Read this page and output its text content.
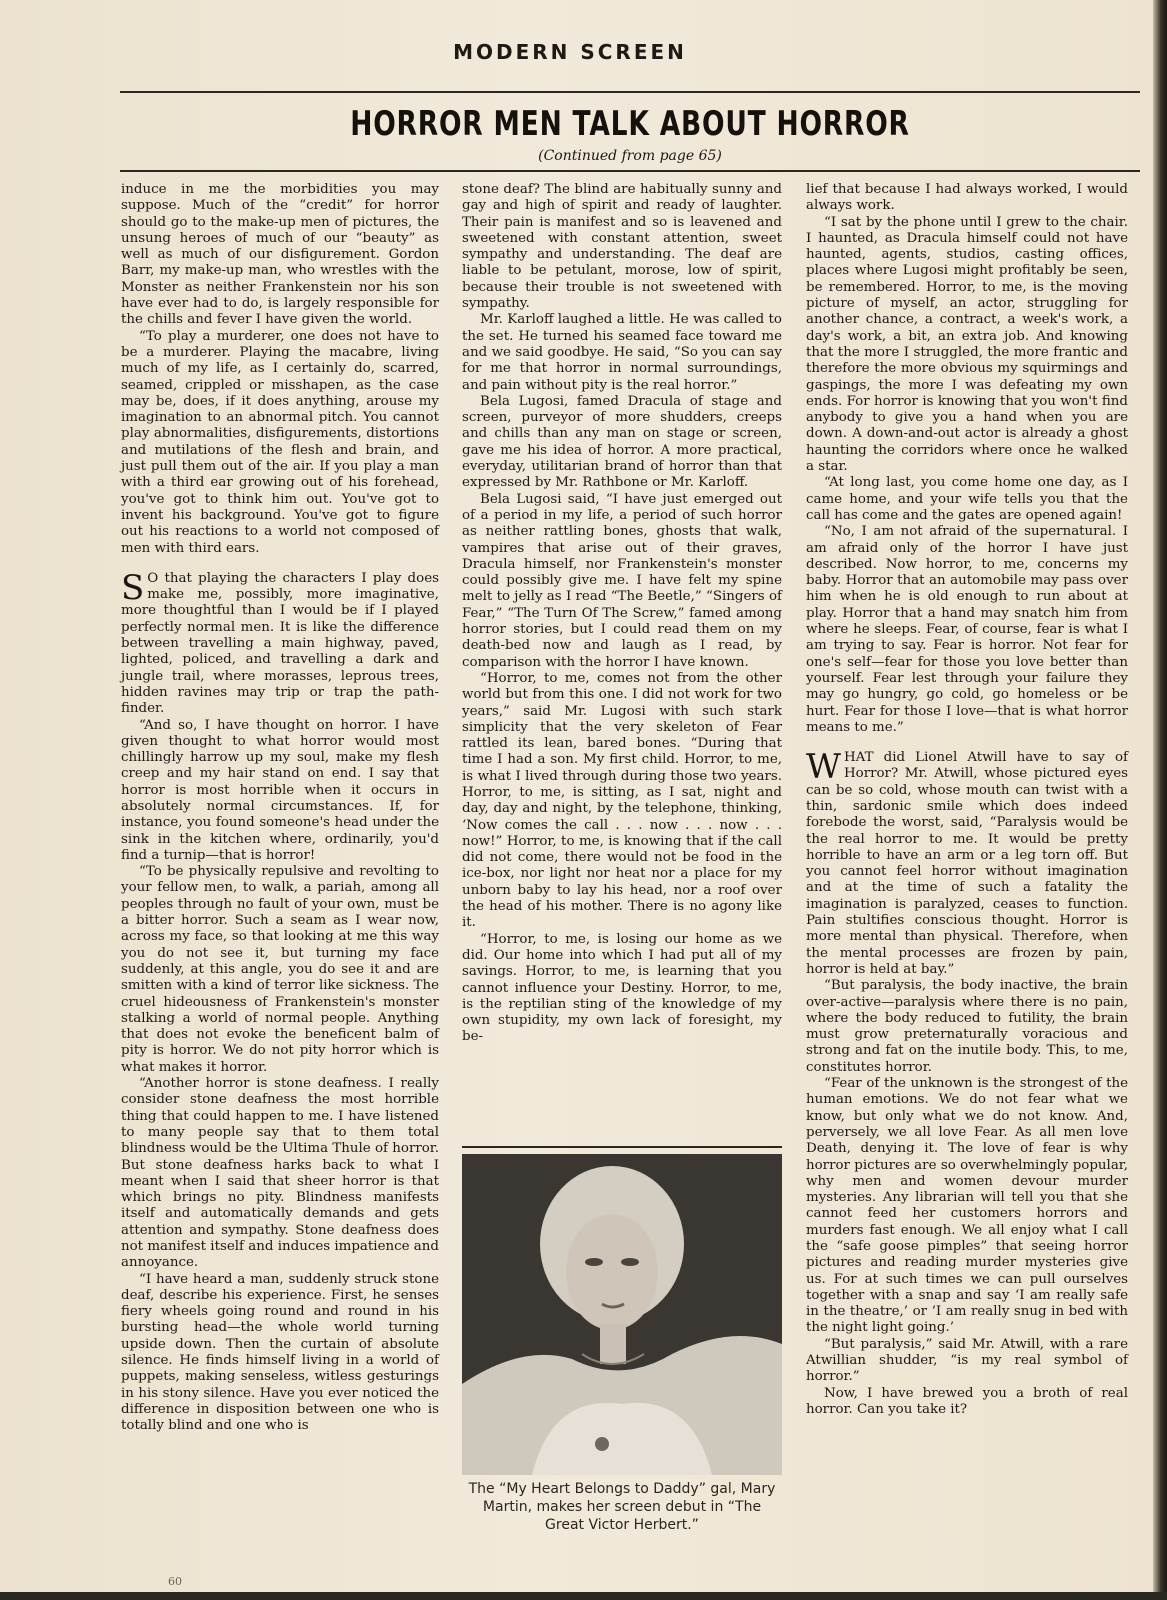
MODERN SCREEN
HORROR MEN TALK ABOUT HORROR
(Continued from page 65)

induce in me the morbidities you may suppose. Much of the “credit” for horror should go to the make-up men of pictures, the unsung heroes of much of our “beauty” as well as much of our disfigurement. Gordon Barr, my make-up man, who wrestles with the Monster as neither Frankenstein nor his son have ever had to do, is largely responsible for the chills and fever I have given the world.

“To play a murderer, one does not have to be a murderer. Playing the macabre, living much of my life, as I certainly do, scarred, seamed, crippled or misshapen, as the case may be, does, if it does anything, arouse my imagination to an abnormal pitch. You cannot play abnormalities, disfigurements, distortions and mutilations of the flesh and brain, and just pull them out of the air. If you play a man with a third ear growing out of his forehead, you've got to think him out. You've got to invent his background. You've got to figure out his reactions to a world not composed of men with third ears.

S O that playing the characters I play does make me, possibly, more imaginative, more thoughtful than I would be if I played perfectly normal men. It is like the difference between travelling a main highway, paved, lighted, policed, and travelling a dark and jungle trail, where morasses, leprous trees, hidden ravines may trip or trap the path-finder.

“And so, I have thought on horror. I have given thought to what horror would most chillingly harrow up my soul, make my flesh creep and my hair stand on end. I say that horror is most horrible when it occurs in absolutely normal circumstances. If, for instance, you found someone's head under the sink in the kitchen where, ordinarily, you'd find a turnip—that is horror!

“To be physically repulsive and revolting to your fellow men, to walk, a pariah, among all peoples through no fault of your own, must be a bitter horror. Such a seam as I wear now, across my face, so that looking at me this way you do not see it, but turning my face suddenly, at this angle, you do see it and are smitten with a kind of terror like sickness. The cruel hideousness of Frankenstein's monster stalking a world of normal people. Anything that does not evoke the beneficent balm of pity is horror. We do not pity horror which is what makes it horror.

“Another horror is stone deafness. I really consider stone deafness the most horrible thing that could happen to me. I have listened to many people say that to them total blindness would be the Ultima Thule of horror. But stone deafness harks back to what I meant when I said that sheer horror is that which brings no pity. Blindness manifests itself and automatically demands and gets attention and sympathy. Stone deafness does not manifest itself and induces impatience and annoyance.

“I have heard a man, suddenly struck stone deaf, describe his experience. First, he senses fiery wheels going round and round in his bursting head—the whole world turning upside down. Then the curtain of absolute silence. He finds himself living in a world of puppets, making senseless, witless gesturings in his stony silence. Have you ever noticed the difference in disposition between one who is totally blind and one who is

stone deaf? The blind are habitually sunny and gay and high of spirit and ready of laughter. Their pain is manifest and so is leavened and sweetened with constant attention, sweet sympathy and understanding. The deaf are liable to be petulant, morose, low of spirit, because their trouble is not sweetened with sympathy.

Mr. Karloff laughed a little. He was called to the set. He turned his seamed face toward me and we said goodbye. He said, “So you can say for me that horror in normal surroundings, and pain without pity is the real horror.”

Bela Lugosi, famed Dracula of stage and screen, purveyor of more shudders, creeps and chills than any man on stage or screen, gave me his idea of horror. A more practical, everyday, utilitarian brand of horror than that expressed by Mr. Rathbone or Mr. Karloff.

Bela Lugosi said, “I have just emerged out of a period in my life, a period of such horror as neither rattling bones, ghosts that walk, vampires that arise out of their graves, Dracula himself, nor Frankenstein's monster could possibly give me. I have felt my spine melt to jelly as I read “The Beetle,” “Singers of Fear,” “The Turn Of The Screw,” famed among horror stories, but I could read them on my death-bed now and laugh as I read, by comparison with the horror I have known.

“Horror, to me, comes not from the other world but from this one. I did not work for two years,” said Mr. Lugosi with such stark simplicity that the very skeleton of Fear rattled its lean, bared bones. “During that time I had a son. My first child. Horror, to me, is what I lived through during those two years. Horror, to me, is sitting, as I sat, night and day, day and night, by the telephone, thinking, ‘Now comes the call . . . now . . . now . . . now!” Horror, to me, is knowing that if the call did not come, there would not be food in the ice-box, nor light nor heat nor a place for my unborn baby to lay his head, nor a roof over the head of his mother. There is no agony like it.

“Horror, to me, is losing our home as we did. Our home into which I had put all of my savings. Horror, to me, is learning that you cannot influence your Destiny. Horror, to me, is the reptilian sting of the knowledge of my own stupidity, my own lack of foresight, my be-

The “My Heart Belongs to Daddy” gal, Mary Martin, makes her screen debut in “The Great Victor Herbert.”

lief that because I had always worked, I would always work.

“I sat by the phone until I grew to the chair. I haunted, as Dracula himself could not have haunted, agents, studios, casting offices, places where Lugosi might profitably be seen, be remembered. Horror, to me, is the moving picture of myself, an actor, struggling for another chance, a contract, a week's work, a day's work, a bit, an extra job. And knowing that the more I struggled, the more frantic and therefore the more obvious my squirmings and gaspings, the more I was defeating my own ends. For horror is knowing that you won't find anybody to give you a hand when you are down. A down-and-out actor is already a ghost haunting the corridors where once he walked a star.

“At long last, you come home one day, as I came home, and your wife tells you that the call has come and the gates are opened again!

“No, I am not afraid of the supernatural. I am afraid only of the horror I have just described. Now horror, to me, concerns my baby. Horror that an automobile may pass over him when he is old enough to run about at play. Horror that a hand may snatch him from where he sleeps. Fear, of course, fear is what I am trying to say. Fear is horror. Not fear for one's self—fear for those you love better than yourself. Fear lest through your failure they may go hungry, go cold, go homeless or be hurt. Fear for those I love—that is what horror means to me.”

WHAT did Lionel Atwill have to say of Horror? Mr. Atwill, whose pictured eyes can be so cold, whose mouth can twist with a thin, sardonic smile which does indeed forebode the worst, said, “Paralysis would be the real horror to me. It would be pretty horrible to have an arm or a leg torn off. But you cannot feel horror without imagination and at the time of such a fatality the imagination is paralyzed, ceases to function. Pain stultifies conscious thought. Horror is more mental than physical. Therefore, when the mental processes are frozen by pain, horror is held at bay.”

“But paralysis, the body inactive, the brain over-active—paralysis where there is no pain, where the body reduced to futility, the brain must grow preternaturally voracious and strong and fat on the inutile body. This, to me, constitutes horror.

“Fear of the unknown is the strongest of the human emotions. We do not fear what we know, but only what we do not know. And, perversely, we all love Fear. As all men love Death, denying it. The love of fear is why horror pictures are so overwhelmingly popular, why men and women devour murder mysteries. Any librarian will tell you that she cannot feed her customers horrors and murders fast enough. We all enjoy what I call the “safe goose pimples” that seeing horror pictures and reading murder mysteries give us. For at such times we can pull ourselves together with a snap and say ‘I am really safe in the theatre,’ or ‘I am really snug in bed with the night light going.’

“But paralysis,” said Mr. Atwill, with a rare Atwillian shudder, “is my real symbol of horror.”

Now, I have brewed you a broth of real horror. Can you take it?

60
